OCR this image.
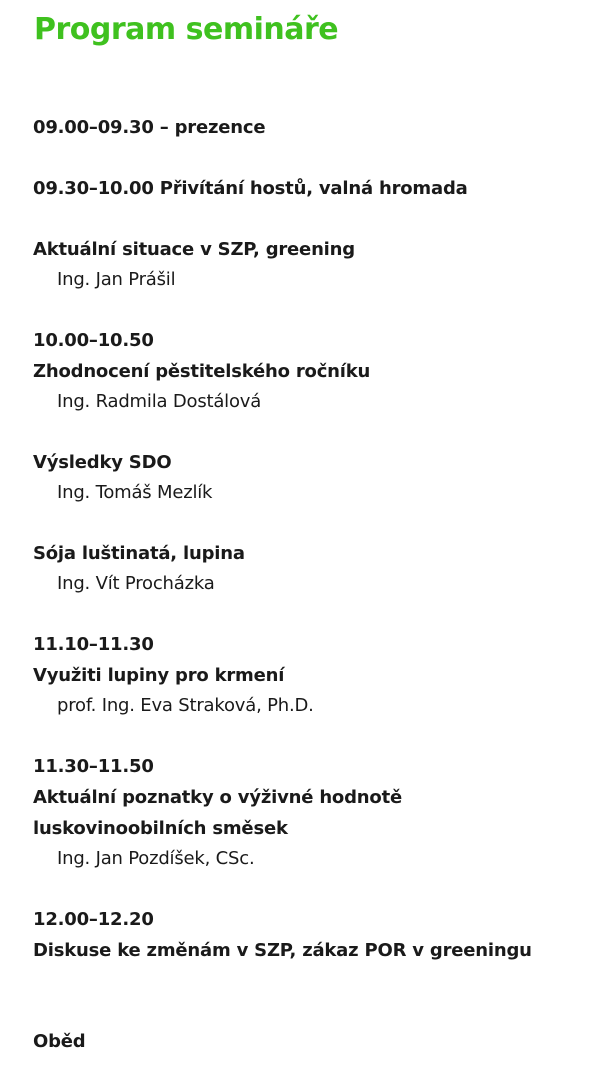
Program semináře

09.00–09.30 – prezence

09.30–10.00 Přivítání hostů, valná hromada

Aktuální situace v SZP, greening

Ing. Jan Prášil

10.00–10.50

Zhodnocení pěstitelského ročníku

Ing. Radmila Dostálová

Výsledky SDO

Ing. Tomáš Mezlík

Sója luštinatá, lupina

Ing. Vít Procházka

11.10–11.30

Využiti lupiny pro krmení

prof. Ing. Eva Straková, Ph.D.

11.30–11.50

Aktuální poznatky o výživné hodnotě

luskovinoobilních směsek

Ing. Jan Pozdíšek, CSc.

12.00–12.20

Diskuse ke změnám v SZP, zákaz POR v greeningu

Oběd
